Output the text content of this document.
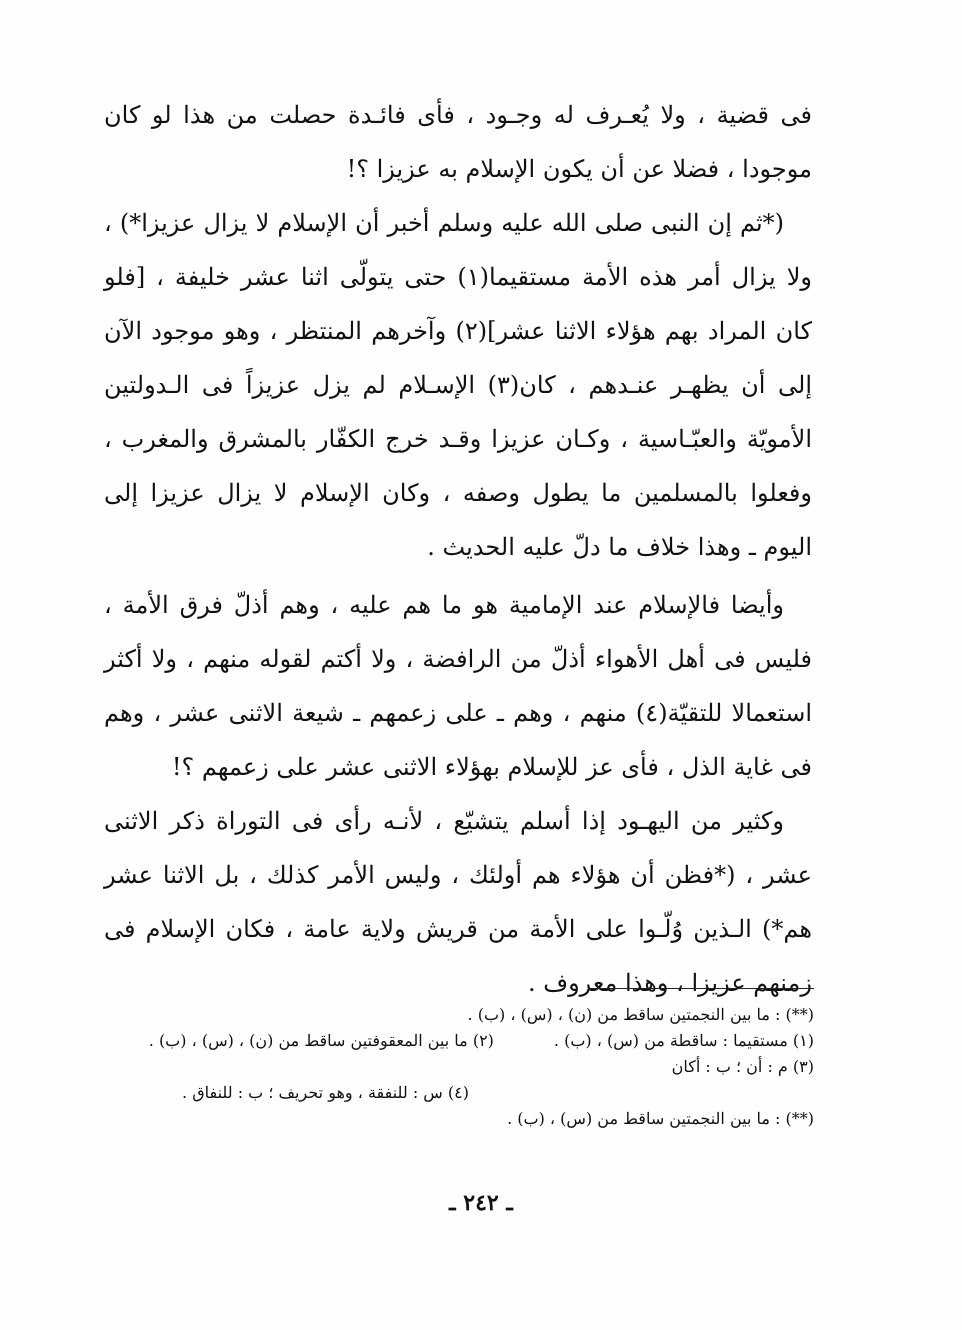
فى قضية ، ولا يُعـرف له وجـود ، فأى فائـدة حصلت من هذا لو كان موجودا ، فضلا عن أن يكون الإسلام به عزيزا ؟!

(*ثم إن النبى صلى الله عليه وسلم أخبر أن الإسلام لا يزال عزيزا*) ، ولا يزال أمر هذه الأمة مستقيما(١) حتى يتولّى اثنا عشر خليفة ، [فلو كان المراد بهم هؤلاء الاثنا عشر](٢) وآخرهم المنتظر ، وهو موجود الآن إلى أن يظهـر عنـدهم ، كان(٣) الإسـلام لم يزل عزيزاً فى الـدولتين الأمويّة والعبّـاسية ، وكـان عزيزا وقـد خرج الكفّار بالمشرق والمغرب ، وفعلوا بالمسلمين ما يطول وصفه ، وكان الإسلام لا يزال عزيزا إلى اليوم ـ وهذا خلاف ما دلّ عليه الحديث .

وأيضا فالإسلام عند الإمامية هو ما هم عليه ، وهم أذلّ فرق الأمة ، فليس فى أهل الأهواء أذلّ من الرافضة ، ولا أكتم لقوله منهم ، ولا أكثر استعمالا للتقيّة(٤) منهم ، وهم ـ على زعمهم ـ شيعة الاثنى عشر ، وهم فى غاية الذل ، فأى عز للإسلام بهؤلاء الاثنى عشر على زعمهم ؟!

وكثير من اليهـود إذا أسلم يتشيّع ، لأنـه رأى فى التوراة ذكر الاثنى عشر ، (*فظن أن هؤلاء هم أولئك ، وليس الأمر كذلك ، بل الاثنا عشر هم*) الـذين وُلّـوا على الأمة من قريش ولاية عامة ، فكان الإسلام فى زمنهم عزيزا ، وهذا معروف .

(**) : ما بين النجمتين ساقط من (ن) ، (س) ، (ب) .
(١) مستقيما : ساقطة من (س) ، (ب) .
(٢) ما بين المعقوفتين ساقط من (ن) ، (س) ، (ب) .
(٣) م : أن ؛ ب : أكان
(٤) س : للنفقة ، وهو تحريف ؛ ب : للنفاق .
(**) : ما بين النجمتين ساقط من (س) ، (ب) .
ـ ٢٤٢ ـ
